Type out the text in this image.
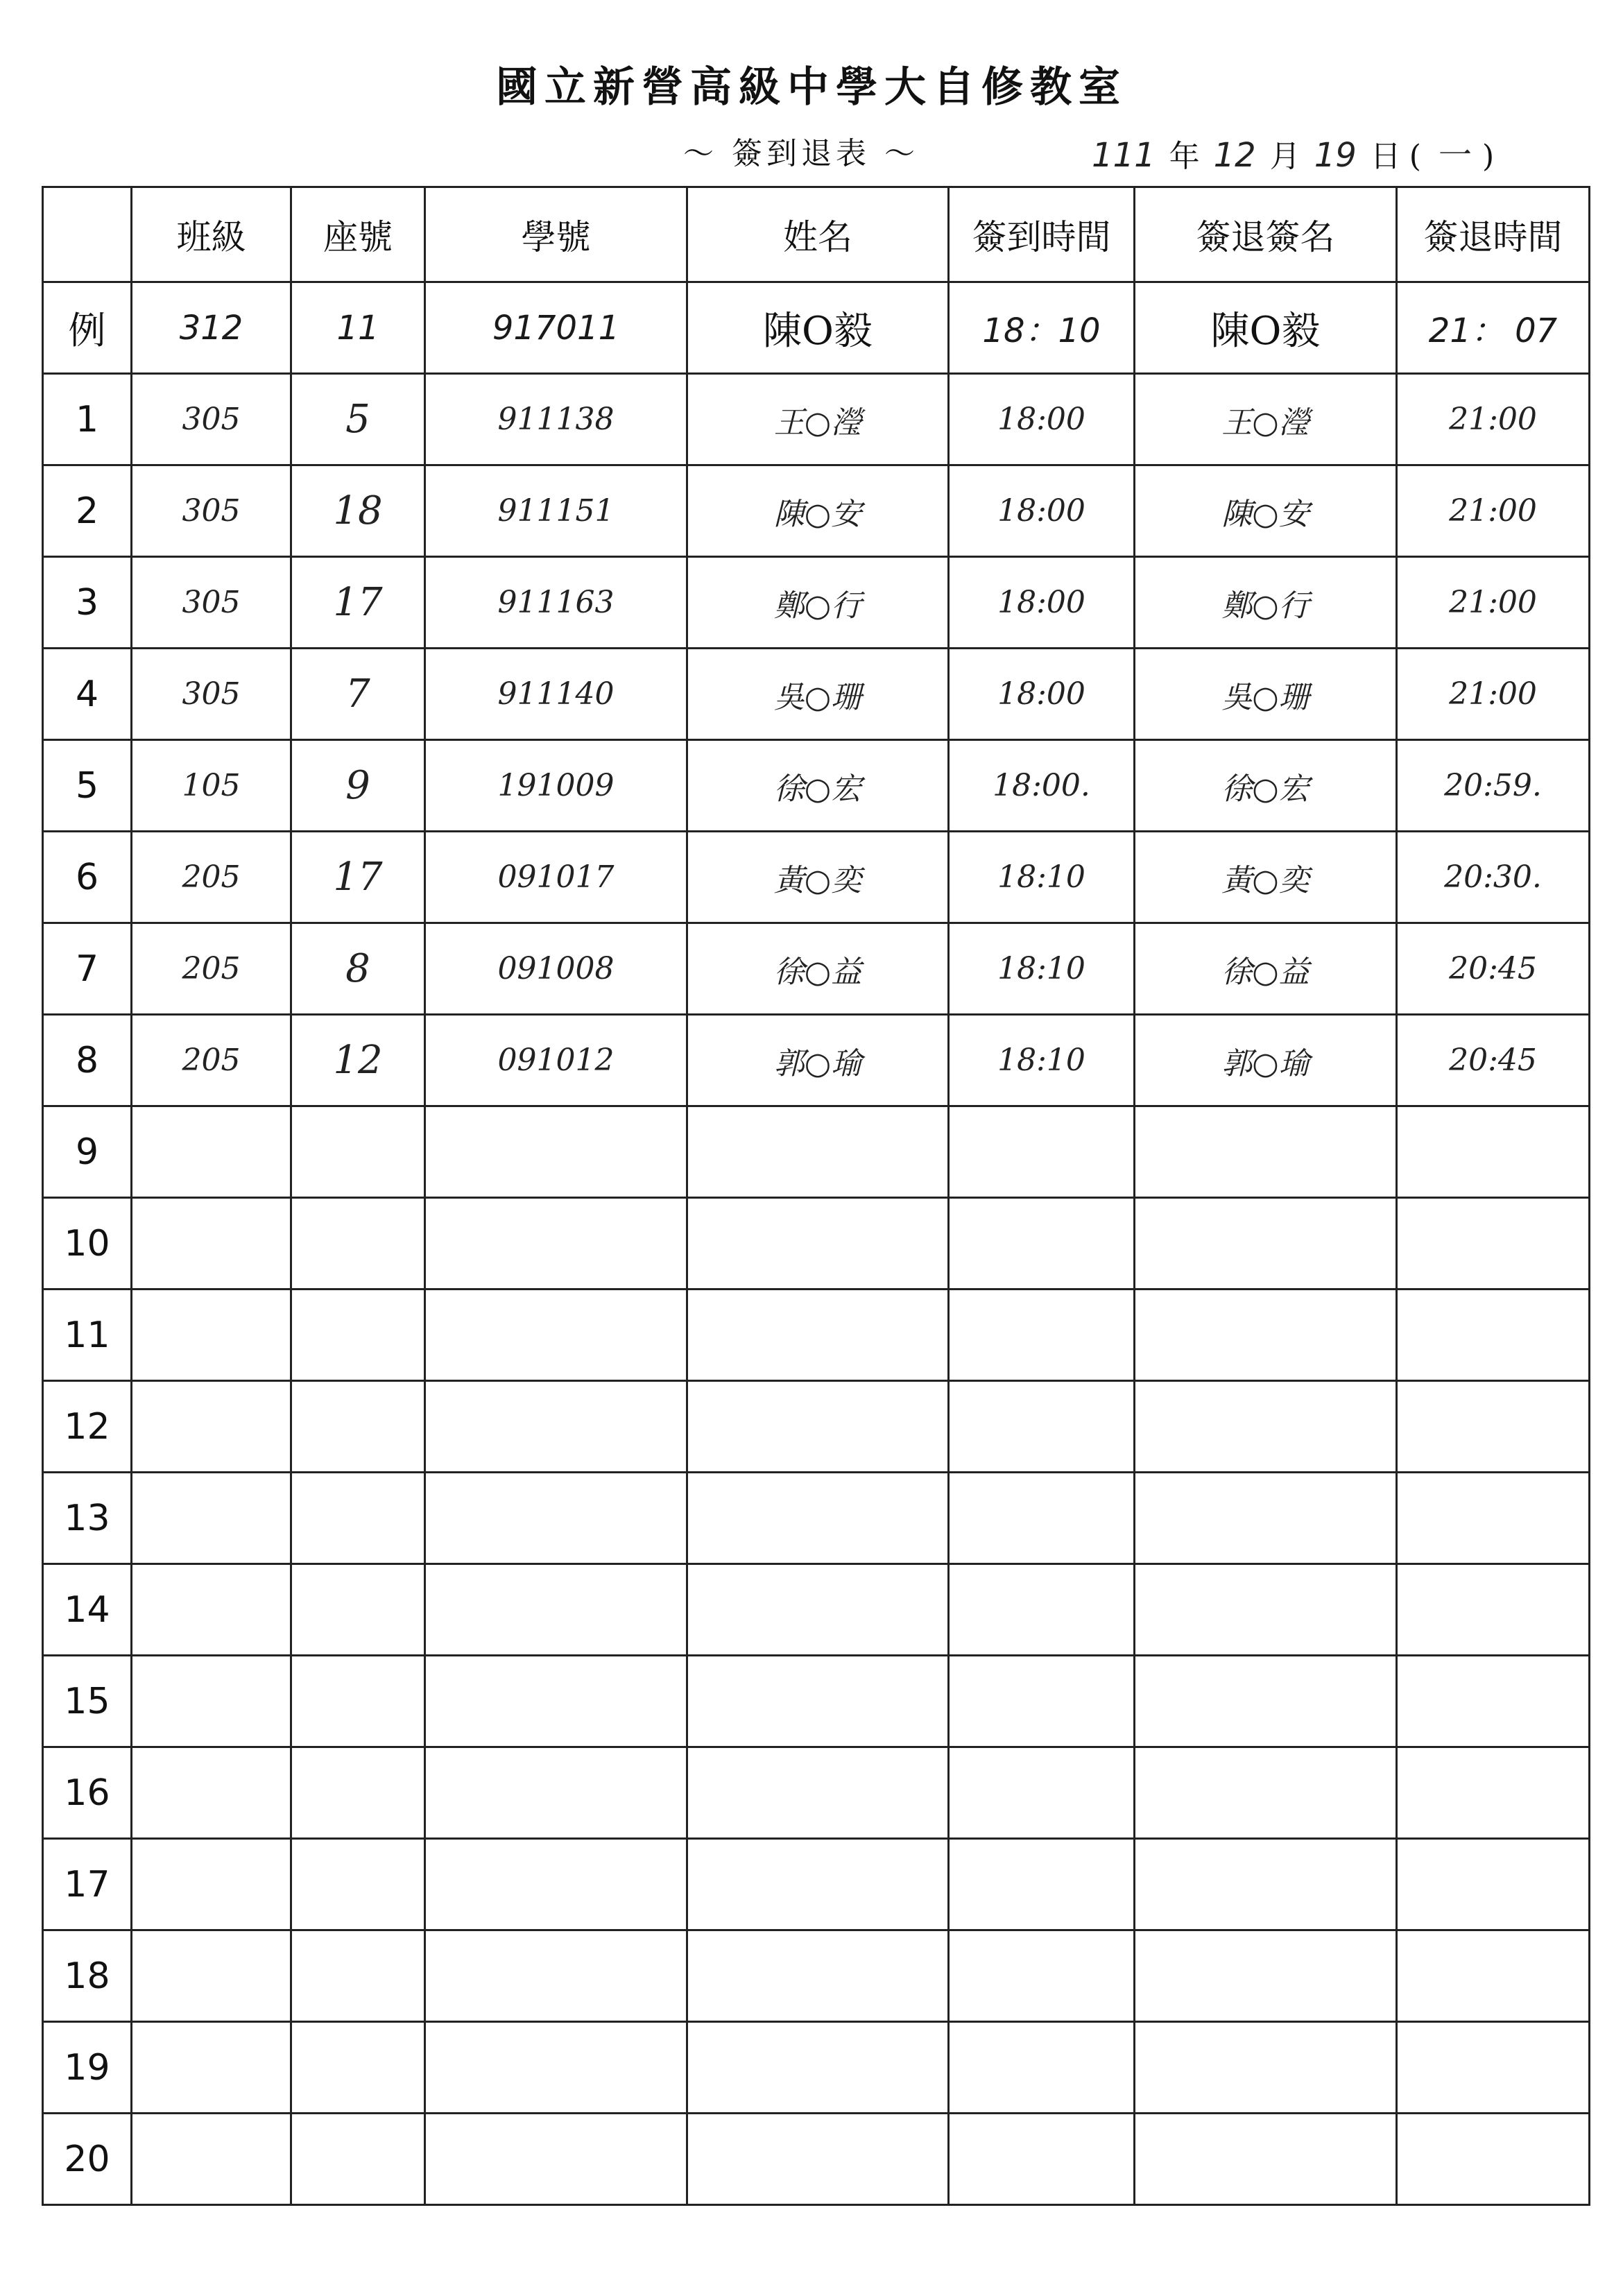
國立新營高級中學大自修教室
～ 簽到退表 ～	111 年 12 月 19 日 ( 一 )
	班級	座號	學號	姓名	簽到時間	簽退簽名	簽退時間
例	312	11	917011	陳O毅	18：10	陳O毅	21： 07
1	305	5	911138	王○瀅	18:00	王○瀅	21:00
2	305	18	911151	陳○安	18:00	陳○安	21:00
3	305	17	911163	鄭○行	18:00	鄭○行	21:00
4	305	7	911140	吳○珊	18:00	吳○珊	21:00
5	105	9	191009	徐○宏	18:00.	徐○宏	20:59.
6	205	17	091017	黃○奕	18:10	黃○奕	20:30.
7	205	8	091008	徐○益	18:10	徐○益	20:45
8	205	12	091012	郭○瑜	18:10	郭○瑜	20:45
9							
10							
11							
12							
13							
14							
15							
16							
17							
18							
19							
20							
